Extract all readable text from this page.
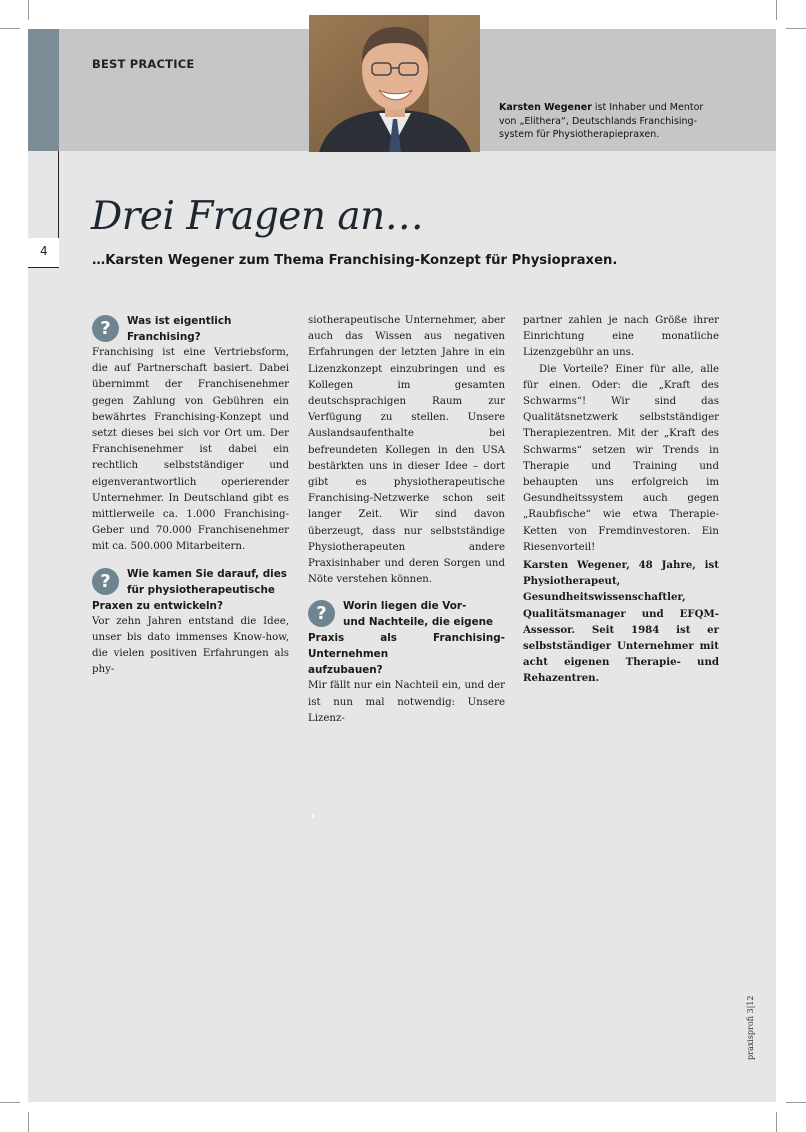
4
BEST PRACTICE
Karsten Wegener ist Inhaber und Mentor
von „Elithera“, Deutschlands Franchising-
system für Physiotherapiepraxen.
Drei Fragen an…
…Karsten Wegener zum Thema Franchising-Konzept für Physiopraxen.
?	Was ist eigentlich
Franchising?

Franchising ist eine Vertriebsform, die auf Partnerschaft basiert. Dabei übernimmt der Franchisenehmer gegen Zahlung von Gebühren ein bewährtes Franchising-Konzept und setzt dieses bei sich vor Ort um. Der Franchisenehmer ist dabei ein rechtlich selbstständiger und eigenverantwortlich operierender Unternehmer. In Deutschland gibt es mittlerweile ca. 1.000 Franchising-Geber und 70.000 Franchisenehmer mit ca. 500.000 Mitarbeitern.

?	Wie kamen Sie darauf, dies
für physiotherapeutische
Praxen zu entwickeln?

Vor zehn Jahren entstand die Idee, unser bis dato immenses Know-how, die vielen positiven Erfahrungen als phy-

siotherapeutische Unternehmer, aber auch das Wissen aus negativen Erfahrungen der letzten Jahre in ein Lizenzkonzept einzubringen und es Kollegen im gesamten deutschsprachigen Raum zur Verfügung zu stellen. Unsere Auslandsaufenthalte bei befreundeten Kollegen in den USA bestärkten uns in dieser Idee – dort gibt es physiotherapeutische Franchising-Netzwerke schon seit langer Zeit. Wir sind davon überzeugt, dass nur selbstständige Physiotherapeuten andere Praxisinhaber und deren Sorgen und Nöte verstehen können.

?	Worin liegen die Vor-
und Nachteile, die eigene
Praxis als Franchising-Unternehmen
aufzubauen?

Mir fällt nur ein Nachteil ein, und der ist nun mal notwendig: Unsere Lizenz-

partner zahlen je nach Größe ihrer Einrichtung eine monatliche Lizenzgebühr an uns.

Die Vorteile? Einer für alle, alle für einen. Oder: die „Kraft des Schwarms“! Wir sind das Qualitätsnetzwerk selbstständiger Therapiezentren. Mit der „Kraft des Schwarms“ setzen wir Trends in Therapie und Training und behaupten uns erfolgreich im Gesundheitssystem auch gegen „Raubfische“ wie etwa Therapie-Ketten von Fremdinvestoren. Ein Riesenvorteil!

Karsten Wegener, 48 Jahre, ist Physiotherapeut, Gesundheitswissenschaftler, Qualitätsmanager und EFQM-Assessor. Seit 1984 ist er selbstständiger Unternehmer mit acht eigenen Therapie- und Rehazentren.
praxisprofi 3|12
